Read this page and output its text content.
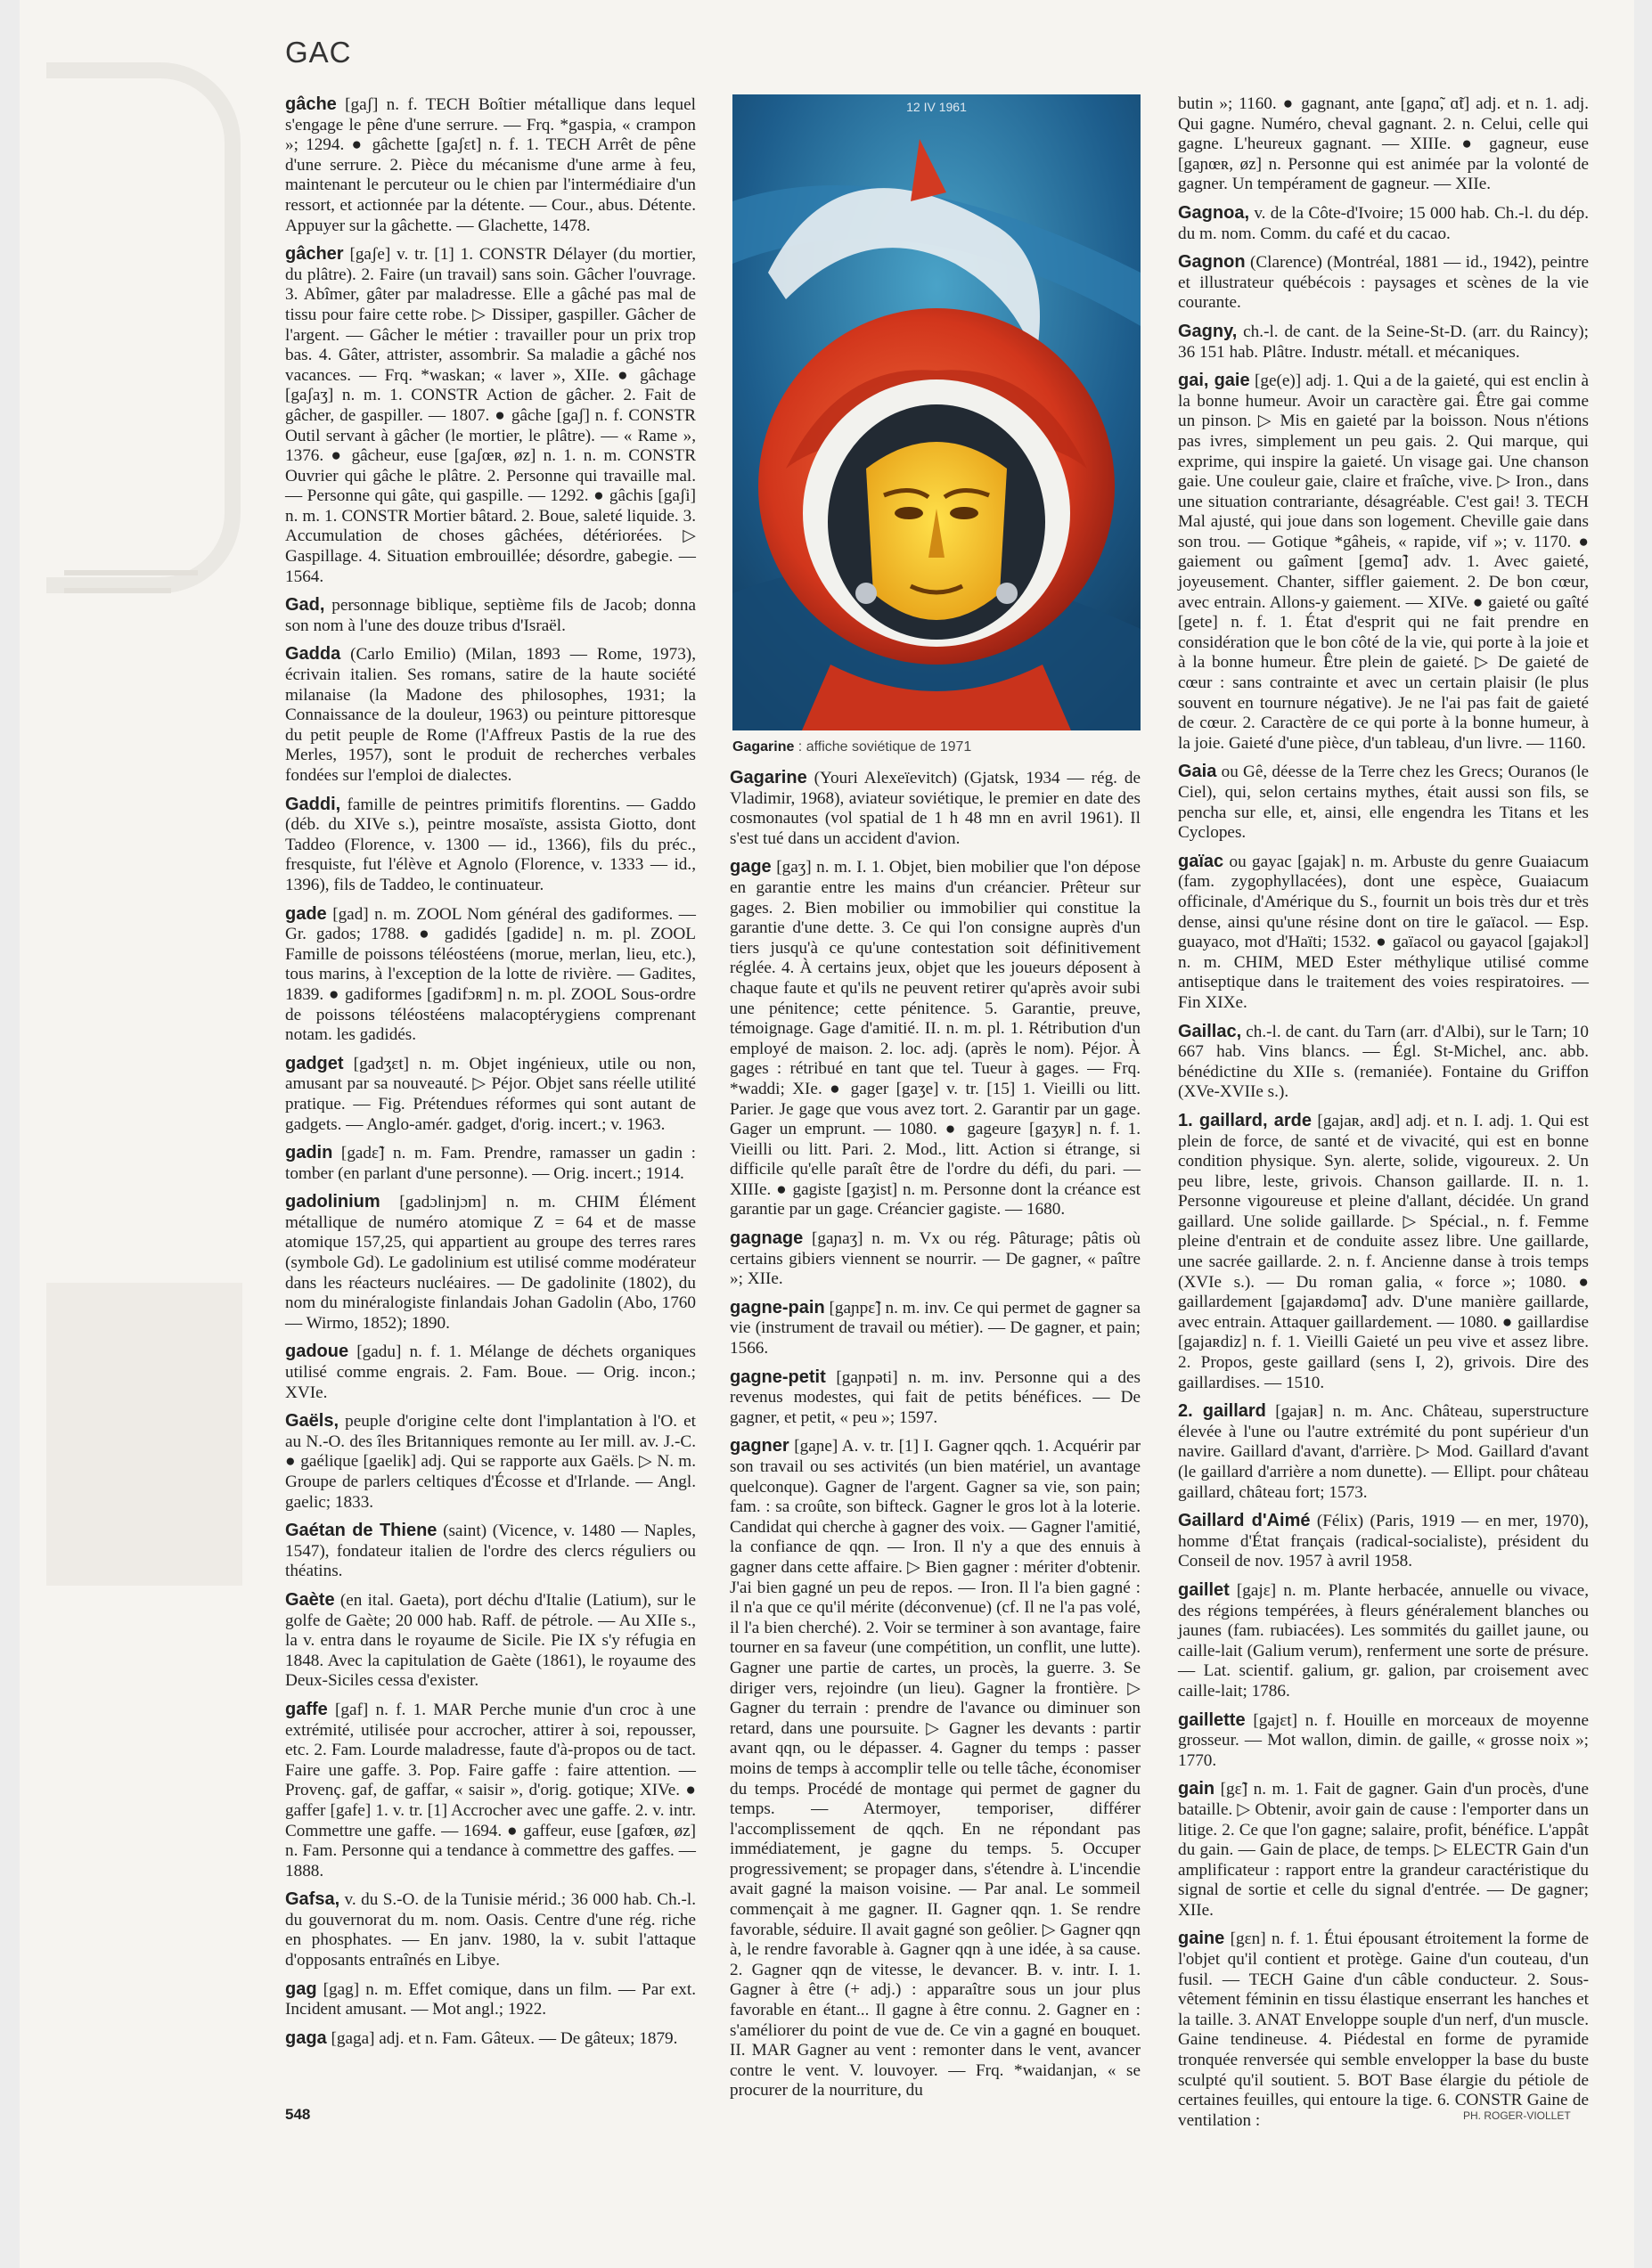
GAC

gâche [gaʃ] n. f. TECH Boîtier métallique dans lequel s'engage le pêne d'une serrure. — Frq. *gaspia, « crampon »; 1294. ● gâchette [gaʃɛt] n. f. 1. TECH Arrêt de pêne d'une serrure. 2. Pièce du mécanisme d'une arme à feu, maintenant le percuteur ou le chien par l'intermédiaire d'un ressort, et actionnée par la détente. — Cour., abus. Détente. Appuyer sur la gâchette. — Glachette, 1478.

gâcher [gaʃe] v. tr. [1] 1. CONSTR Délayer (du mortier, du plâtre). 2. Faire (un travail) sans soin. Gâcher l'ouvrage. 3. Abîmer, gâter par maladresse. Elle a gâché pas mal de tissu pour faire cette robe. ▷ Dissiper, gaspiller. Gâcher de l'argent. — Gâcher le métier : travailler pour un prix trop bas. 4. Gâter, attrister, assombrir. Sa maladie a gâché nos vacances. — Frq. *waskan; « laver », XIIe. ● gâchage [gaʃaʒ] n. m. 1. CONSTR Action de gâcher. 2. Fait de gâcher, de gaspiller. — 1807. ● gâche [gaʃ] n. f. CONSTR Outil servant à gâcher (le mortier, le plâtre). — « Rame », 1376. ● gâcheur, euse [gaʃœʀ, øz] n. 1. n. m. CONSTR Ouvrier qui gâche le plâtre. 2. Personne qui travaille mal. — Personne qui gâte, qui gaspille. — 1292. ● gâchis [gaʃi] n. m. 1. CONSTR Mortier bâtard. 2. Boue, saleté liquide. 3. Accumulation de choses gâchées, détériorées. ▷ Gaspillage. 4. Situation embrouillée; désordre, gabegie. — 1564.

Gad, personnage biblique, septième fils de Jacob; donna son nom à l'une des douze tribus d'Israël.

Gadda (Carlo Emilio) (Milan, 1893 — Rome, 1973), écrivain italien. Ses romans, satire de la haute société milanaise (la Madone des philosophes, 1931; la Connaissance de la douleur, 1963) ou peinture pittoresque du petit peuple de Rome (l'Affreux Pastis de la rue des Merles, 1957), sont le produit de recherches verbales fondées sur l'emploi de dialectes.

Gaddi, famille de peintres primitifs florentins. — Gaddo (déb. du XIVe s.), peintre mosaïste, assista Giotto, dont Taddeo (Florence, v. 1300 — id., 1366), fils du préc., fresquiste, fut l'élève et Agnolo (Florence, v. 1333 — id., 1396), fils de Taddeo, le continuateur.

gade [gad] n. m. ZOOL Nom général des gadiformes. — Gr. gados; 1788. ● gadidés [gadide] n. m. pl. ZOOL Famille de poissons téléostéens (morue, merlan, lieu, etc.), tous marins, à l'exception de la lotte de rivière. — Gadites, 1839. ● gadiformes [gadifɔʀm] n. m. pl. ZOOL Sous-ordre de poissons téléostéens malacoptérygiens comprenant notam. les gadidés.

gadget [gadʒɛt] n. m. Objet ingénieux, utile ou non, amusant par sa nouveauté. ▷ Péjor. Objet sans réelle utilité pratique. — Fig. Prétendues réformes qui sont autant de gadgets. — Anglo-amér. gadget, d'orig. incert.; v. 1963.

gadin [gadɛ̃] n. m. Fam. Prendre, ramasser un gadin : tomber (en parlant d'une personne). — Orig. incert.; 1914.

gadolinium [gadɔlinjɔm] n. m. CHIM Élément métallique de numéro atomique Z = 64 et de masse atomique 157,25, qui appartient au groupe des terres rares (symbole Gd). Le gadolinium est utilisé comme modérateur dans les réacteurs nucléaires. — De gadolinite (1802), du nom du minéralogiste finlandais Johan Gadolin (Abo, 1760 — Wirmo, 1852); 1890.

gadoue [gadu] n. f. 1. Mélange de déchets organiques utilisé comme engrais. 2. Fam. Boue. — Orig. incon.; XVIe.

Gaëls, peuple d'origine celte dont l'implantation à l'O. et au N.-O. des îles Britanniques remonte au Ier mill. av. J.-C. ● gaélique [gaelik] adj. Qui se rapporte aux Gaëls. ▷ N. m. Groupe de parlers celtiques d'Écosse et d'Irlande. — Angl. gaelic; 1833.

Gaétan de Thiene (saint) (Vicence, v. 1480 — Naples, 1547), fondateur italien de l'ordre des clercs réguliers ou théatins.

Gaète (en ital. Gaeta), port déchu d'Italie (Latium), sur le golfe de Gaète; 20 000 hab. Raff. de pétrole. — Au XIIe s., la v. entra dans le royaume de Sicile. Pie IX s'y réfugia en 1848. Avec la capitulation de Gaète (1861), le royaume des Deux-Siciles cessa d'exister.

gaffe [gaf] n. f. 1. MAR Perche munie d'un croc à une extrémité, utilisée pour accrocher, attirer à soi, repousser, etc. 2. Fam. Lourde maladresse, faute d'à-propos ou de tact. Faire une gaffe. 3. Pop. Faire gaffe : faire attention. — Provenç. gaf, de gaffar, « saisir », d'orig. gotique; XIVe. ● gaffer [gafe] 1. v. tr. [1] Accrocher avec une gaffe. 2. v. intr. Commettre une gaffe. — 1694. ● gaffeur, euse [gafœʀ, øz] n. Fam. Personne qui a tendance à commettre des gaffes. — 1888.

Gafsa, v. du S.-O. de la Tunisie mérid.; 36 000 hab. Ch.-l. du gouvernorat du m. nom. Oasis. Centre d'une rég. riche en phosphates. — En janv. 1980, la v. subit l'attaque d'opposants entraînés en Libye.

gag [gag] n. m. Effet comique, dans un film. — Par ext. Incident amusant. — Mot angl.; 1922.

gaga [gaga] adj. et n. Fam. Gâteux. — De gâteux; 1879.

12 IV 1961
Gagarine : affiche soviétique de 1971

Gagarine (Youri Alexeïevitch) (Gjatsk, 1934 — rég. de Vladimir, 1968), aviateur soviétique, le premier en date des cosmonautes (vol spatial de 1 h 48 mn en avril 1961). Il s'est tué dans un accident d'avion.

gage [gaʒ] n. m. I. 1. Objet, bien mobilier que l'on dépose en garantie entre les mains d'un créancier. Prêteur sur gages. 2. Bien mobilier ou immobilier qui constitue la garantie d'une dette. 3. Ce qui l'on consigne auprès d'un tiers jusqu'à ce qu'une contestation soit définitivement réglée. 4. À certains jeux, objet que les joueurs déposent à chaque faute et qu'ils ne peuvent retirer qu'après avoir subi une pénitence; cette pénitence. 5. Garantie, preuve, témoignage. Gage d'amitié. II. n. m. pl. 1. Rétribution d'un employé de maison. 2. loc. adj. (après le nom). Péjor. À gages : rétribué en tant que tel. Tueur à gages. — Frq. *waddi; XIe. ● gager [gaʒe] v. tr. [15] 1. Vieilli ou litt. Parier. Je gage que vous avez tort. 2. Garantir par un gage. Gager un emprunt. — 1080. ● gageure [gaʒyʀ] n. f. 1. Vieilli ou litt. Pari. 2. Mod., litt. Action si étrange, si difficile qu'elle paraît être de l'ordre du défi, du pari. — XIIIe. ● gagiste [gaʒist] n. m. Personne dont la créance est garantie par un gage. Créancier gagiste. — 1680.

gagnage [gaɲaʒ] n. m. Vx ou rég. Pâturage; pâtis où certains gibiers viennent se nourrir. — De gagner, « paître »; XIIe.

gagne-pain [gaɲpɛ̃] n. m. inv. Ce qui permet de gagner sa vie (instrument de travail ou métier). — De gagner, et pain; 1566.

gagne-petit [gaɲpəti] n. m. inv. Personne qui a des revenus modestes, qui fait de petits bénéfices. — De gagner, et petit, « peu »; 1597.

gagner [gaɲe] A. v. tr. [1] I. Gagner qqch. 1. Acquérir par son travail ou ses activités (un bien matériel, un avantage quelconque). Gagner de l'argent. Gagner sa vie, son pain; fam. : sa croûte, son bifteck. Gagner le gros lot à la loterie. Candidat qui cherche à gagner des voix. — Gagner l'amitié, la confiance de qqn. — Iron. Il n'y a que des ennuis à gagner dans cette affaire. ▷ Bien gagner : mériter d'obtenir. J'ai bien gagné un peu de repos. — Iron. Il l'a bien gagné : il n'a que ce qu'il mérite (déconvenue) (cf. Il ne l'a pas volé, il l'a bien cherché). 2. Voir se terminer à son avantage, faire tourner en sa faveur (une compétition, un conflit, une lutte). Gagner une partie de cartes, un procès, la guerre. 3. Se diriger vers, rejoindre (un lieu). Gagner la frontière. ▷ Gagner du terrain : prendre de l'avance ou diminuer son retard, dans une poursuite. ▷ Gagner les devants : partir avant qqn, ou le dépasser. 4. Gagner du temps : passer moins de temps à accomplir telle ou telle tâche, économiser du temps. Procédé de montage qui permet de gagner du temps. — Atermoyer, temporiser, différer l'accomplissement de qqch. En ne répondant pas immédiatement, je gagne du temps. 5. Occuper progressivement; se propager dans, s'étendre à. L'incendie avait gagné la maison voisine. — Par anal. Le sommeil commençait à me gagner. II. Gagner qqn. 1. Se rendre favorable, séduire. Il avait gagné son geôlier. ▷ Gagner qqn à, le rendre favorable à. Gagner qqn à une idée, à sa cause. 2. Gagner qqn de vitesse, le devancer. B. v. intr. I. 1. Gagner à être (+ adj.) : apparaître sous un jour plus favorable en étant... Il gagne à être connu. 2. Gagner en : s'améliorer du point de vue de. Ce vin a gagné en bouquet. II. MAR Gagner au vent : remonter dans le vent, avancer contre le vent. V. louvoyer. — Frq. *waidanjan, « se procurer de la nourriture, du

butin »; 1160. ● gagnant, ante [gaɲɑ̃, ɑ̃t] adj. et n. 1. adj. Qui gagne. Numéro, cheval gagnant. 2. n. Celui, celle qui gagne. L'heureux gagnant. — XIIIe. ● gagneur, euse [gaɲœʀ, øz] n. Personne qui est animée par la volonté de gagner. Un tempérament de gagneur. — XIIe.

Gagnoa, v. de la Côte-d'Ivoire; 15 000 hab. Ch.-l. du dép. du m. nom. Comm. du café et du cacao.

Gagnon (Clarence) (Montréal, 1881 — id., 1942), peintre et illustrateur québécois : paysages et scènes de la vie courante.

Gagny, ch.-l. de cant. de la Seine-St-D. (arr. du Raincy); 36 151 hab. Plâtre. Industr. métall. et mécaniques.

gai, gaie [ge(e)] adj. 1. Qui a de la gaieté, qui est enclin à la bonne humeur. Avoir un caractère gai. Être gai comme un pinson. ▷ Mis en gaieté par la boisson. Nous n'étions pas ivres, simplement un peu gais. 2. Qui marque, qui exprime, qui inspire la gaieté. Un visage gai. Une chanson gaie. Une couleur gaie, claire et fraîche, vive. ▷ Iron., dans une situation contrariante, désagréable. C'est gai! 3. TECH Mal ajusté, qui joue dans son logement. Cheville gaie dans son trou. — Gotique *gâheis, « rapide, vif »; v. 1170. ● gaiement ou gaîment [gemɑ̃] adv. 1. Avec gaieté, joyeusement. Chanter, siffler gaiement. 2. De bon cœur, avec entrain. Allons-y gaiement. — XIVe. ● gaieté ou gaîté [gete] n. f. 1. État d'esprit qui ne fait prendre en considération que le bon côté de la vie, qui porte à la joie et à la bonne humeur. Être plein de gaieté. ▷ De gaieté de cœur : sans contrainte et avec un certain plaisir (le plus souvent en tournure négative). Je ne l'ai pas fait de gaieté de cœur. 2. Caractère de ce qui porte à la bonne humeur, à la joie. Gaieté d'une pièce, d'un tableau, d'un livre. — 1160.

Gaia ou Gê, déesse de la Terre chez les Grecs; Ouranos (le Ciel), qui, selon certains mythes, était aussi son fils, se pencha sur elle, et, ainsi, elle engendra les Titans et les Cyclopes.

gaïac ou gayac [gajak] n. m. Arbuste du genre Guaiacum (fam. zygophyllacées), dont une espèce, Guaiacum officinale, d'Amérique du S., fournit un bois très dur et très dense, ainsi qu'une résine dont on tire le gaïacol. — Esp. guayaco, mot d'Haïti; 1532. ● gaïacol ou gayacol [gajakɔl] n. m. CHIM, MED Ester méthylique utilisé comme antiseptique dans le traitement des voies respiratoires. — Fin XIXe.

Gaillac, ch.-l. de cant. du Tarn (arr. d'Albi), sur le Tarn; 10 667 hab. Vins blancs. — Égl. St-Michel, anc. abb. bénédictine du XIIe s. (remaniée). Fontaine du Griffon (XVe-XVIIe s.).

1. gaillard, arde [gajaʀ, aʀd] adj. et n. I. adj. 1. Qui est plein de force, de santé et de vivacité, qui est en bonne condition physique. Syn. alerte, solide, vigoureux. 2. Un peu libre, leste, grivois. Chanson gaillarde. II. n. 1. Personne vigoureuse et pleine d'allant, décidée. Un grand gaillard. Une solide gaillarde. ▷ Spécial., n. f. Femme pleine d'entrain et de conduite assez libre. Une gaillarde, une sacrée gaillarde. 2. n. f. Ancienne danse à trois temps (XVIe s.). — Du roman galia, « force »; 1080. ● gaillardement [gajaʀdəmɑ̃] adv. D'une manière gaillarde, avec entrain. Attaquer gaillardement. — 1080. ● gaillardise [gajaʀdiz] n. f. 1. Vieilli Gaieté un peu vive et assez libre. 2. Propos, geste gaillard (sens I, 2), grivois. Dire des gaillardises. — 1510.

2. gaillard [gajaʀ] n. m. Anc. Château, superstructure élevée à l'une ou l'autre extrémité du pont supérieur d'un navire. Gaillard d'avant, d'arrière. ▷ Mod. Gaillard d'avant (le gaillard d'arrière a nom dunette). — Ellipt. pour château gaillard, château fort; 1573.

Gaillard d'Aimé (Félix) (Paris, 1919 — en mer, 1970), homme d'État français (radical-socialiste), président du Conseil de nov. 1957 à avril 1958.

gaillet [gajɛ] n. m. Plante herbacée, annuelle ou vivace, des régions tempérées, à fleurs généralement blanches ou jaunes (fam. rubiacées). Les sommités du gaillet jaune, ou caille-lait (Galium verum), renferment une sorte de présure. — Lat. scientif. galium, gr. galion, par croisement avec caille-lait; 1786.

gaillette [gajɛt] n. f. Houille en morceaux de moyenne grosseur. — Mot wallon, dimin. de gaille, « grosse noix »; 1770.

gain [gɛ̃] n. m. 1. Fait de gagner. Gain d'un procès, d'une bataille. ▷ Obtenir, avoir gain de cause : l'emporter dans un litige. 2. Ce que l'on gagne; salaire, profit, bénéfice. L'appât du gain. — Gain de place, de temps. ▷ ELECTR Gain d'un amplificateur : rapport entre la grandeur caractéristique du signal de sortie et celle du signal d'entrée. — De gagner; XIIe.

gaine [gɛn] n. f. 1. Étui épousant étroitement la forme de l'objet qu'il contient et protège. Gaine d'un couteau, d'un fusil. — TECH Gaine d'un câble conducteur. 2. Sous-vêtement féminin en tissu élastique enserrant les hanches et la taille. 3. ANAT Enveloppe souple d'un nerf, d'un muscle. Gaine tendineuse. 4. Piédestal en forme de pyramide tronquée renversée qui semble envelopper la base du buste sculpté qu'il soutient. 5. BOT Base élargie du pétiole de certaines feuilles, qui entoure la tige. 6. CONSTR Gaine de ventilation :

548	PH. ROGER-VIOLLET
